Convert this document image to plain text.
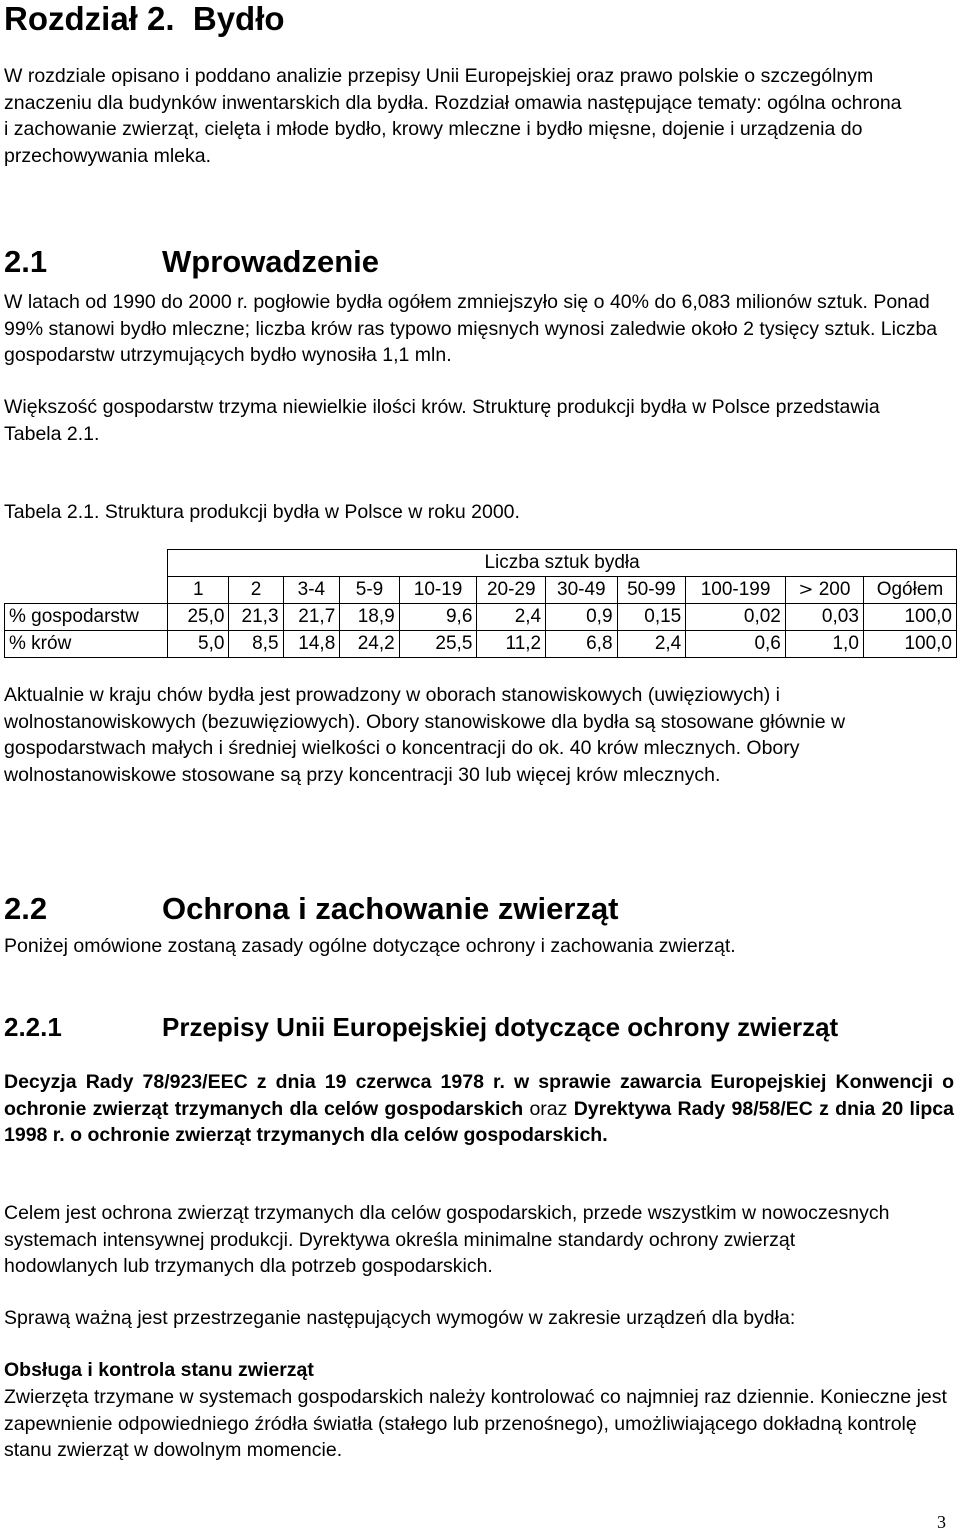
Rozdział 2. Bydło
W rozdziale opisano i poddano analizie przepisy Unii Europejskiej oraz prawo polskie o szczególnym znaczeniu dla budynków inwentarskich dla bydła. Rozdział omawia następujące tematy: ogólna ochrona i zachowanie zwierząt, cielęta i młode bydło, krowy mleczne i bydło mięsne, dojenie i urządzenia do przechowywania mleka.
2.1	Wprowadzenie
W latach od 1990 do 2000 r. pogłowie bydła ogółem zmniejszyło się o 40% do 6,083 milionów sztuk. Ponad 99% stanowi bydło mleczne; liczba krów ras typowo mięsnych wynosi zaledwie około 2 tysięcy sztuk. Liczba gospodarstw utrzymujących bydło wynosiła 1,1 mln.
Większość gospodarstw trzyma niewielkie ilości krów. Strukturę produkcji bydła w Polsce przedstawia Tabela 2.1.
Tabela 2.1. Struktura produkcji bydła w Polsce w roku 2000.
	Liczba sztuk bydła										
	1	2	3-4	5-9	10-19	20-29	30-49	50-99	100-199	> 200	Ogółem
% gospodarstw	25,0	21,3	21,7	18,9	9,6	2,4	0,9	0,15	0,02	0,03	100,0
% krów	5,0	8,5	14,8	24,2	25,5	11,2	6,8	2,4	0,6	1,0	100,0
Aktualnie w kraju chów bydła jest prowadzony w oborach stanowiskowych (uwięziowych) i wolnostanowiskowych (bezuwięziowych). Obory stanowiskowe dla bydła są stosowane głównie w gospodarstwach małych i średniej wielkości o koncentracji do ok. 40 krów mlecznych. Obory wolnostanowiskowe stosowane są przy koncentracji 30 lub więcej krów mlecznych.
2.2	Ochrona i zachowanie zwierząt
Poniżej omówione zostaną zasady ogólne dotyczące ochrony i zachowania zwierząt.
2.2.1	Przepisy Unii Europejskiej dotyczące ochrony zwierząt
Decyzja Rady 78/923/EEC z dnia 19 czerwca 1978 r. w sprawie zawarcia Europejskiej Konwencji o ochronie zwierząt trzymanych dla celów gospodarskich oraz Dyrektywa Rady 98/58/EC z dnia 20 lipca 1998 r. o ochronie zwierząt trzymanych dla celów gospodarskich.
Celem jest ochrona zwierząt trzymanych dla celów gospodarskich, przede wszystkim w nowoczesnych systemach intensywnej produkcji. Dyrektywa określa minimalne standardy ochrony zwierząt hodowlanych lub trzymanych dla potrzeb gospodarskich.
Sprawą ważną jest przestrzeganie następujących wymogów w zakresie urządzeń dla bydła:
Obsługa i kontrola stanu zwierząt
Zwierzęta trzymane w systemach gospodarskich należy kontrolować co najmniej raz dziennie. Konieczne jest zapewnienie odpowiedniego źródła światła (stałego lub przenośnego), umożliwiającego dokładną kontrolę stanu zwierząt w dowolnym momencie.
3
